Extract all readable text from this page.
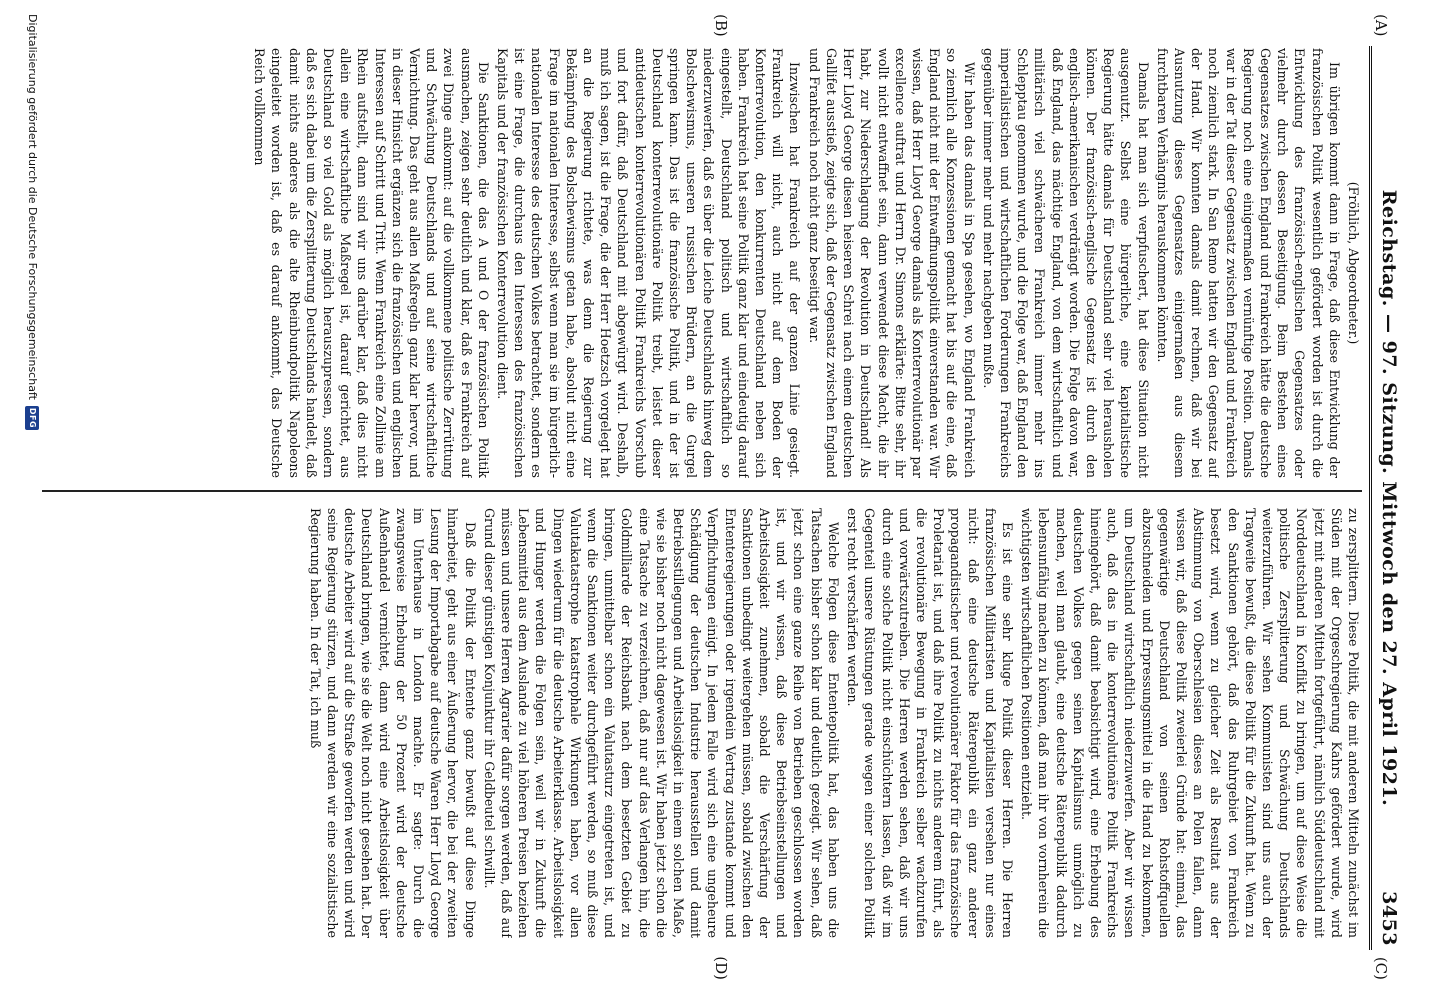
Reichstag. — 97. Sitzung. Mittwoch den 27. April 1921.
3453
(A)
(B)
(C)
(D)

(Fröhlich, Abgeordneter.)

Im übrigen kommt dann in Frage, daß diese Entwicklung der französischen Politik wesentlich gefördert worden ist durch die Entwicklung des französisch-englischen Gegensatzes oder vielmehr durch dessen Beseitigung. Beim Bestehen eines Gegensatzes zwischen England und Frankreich hätte die deutsche Regierung noch eine einigermaßen vernünftige Position. Damals war in der Tat dieser Gegensatz zwischen England und Frankreich noch ziemlich stark. In San Remo hatten wir den Gegensatz auf der Hand. Wir konnten damals damit rechnen, daß wir bei Ausnutzung dieses Gegensatzes einigermaßen aus diesem furchtbaren Verhängnis herauskommen könnten.

Damals hat man sich verpfuschert, hat diese Situation nicht ausgenutzt. Selbst eine bürgerliche, eine kapitalistische Regierung hätte damals für Deutschland sehr viel herausholen können. Der französisch-englische Gegensatz ist durch den englisch-amerikanischen verdrängt worden. Die Folge davon war, daß England, das mächtige England, von dem wirtschaftlich und militärisch viel schwächeren Frankreich immer mehr ins Schlepptau genommen wurde, und die Folge war, daß England den imperialistischen und wirtschaftlichen Forderungen Frankreichs gegenüber immer mehr und mehr nachgeben mußte.

Wir haben das damals in Spa gesehen, wo England Frankreich so ziemlich alle Konzessionen gemacht hat bis auf die eine, daß England nicht mit der Entwaffnungspolitik einverstanden war. Wir wissen, daß Herr Lloyd George damals als Konterrevolutionär par excellence auftrat und Herrn Dr. Simons erklärte: Bitte sehr, ihr wollt nicht entwaffnet sein, dann verwendet diese Macht, die ihr habt, zur Niederschlagung der Revolution in Deutschland! Als Herr Lloyd George diesen heiseren Schrei nach einem deutschen Gallifet ausstieß, zeigte sich, daß der Gegensatz zwischen England und Frankreich noch nicht ganz beseitigt war.

Inzwischen hat Frankreich auf der ganzen Linie gesiegt. Frankreich will nicht, auch nicht auf dem Boden der Konterrevolution, den konkurrenten Deutschland neben sich haben. Frankreich hat seine Politik ganz klar und eindeutig darauf eingestellt, Deutschland politisch und wirtschaftlich so niederzuwerfen, daß es über die Leiche Deutschlands hinweg dem Bolschewismus, unseren russischen Brüdern, an die Gurgel springen kann. Das ist die französische Politik, und in der ist Deutschland konterrevolutionäre Politik treibt, leistet dieser antideutschen konterrevolutionären Politik Frankreichs Vorschub und fort dafür, daß Deutschland mit abgewürgt wird. Deshalb, muß ich sagen, ist die Frage, die der Herr Hoetzsch vorgelegt hat an die Regierung richtete, was denn die Regierung zur Bekämpfung des Bolschewismus getan habe, absolut nicht eine Frage im nationalen Interesse, selbst wenn man sie im bürgerlich-nationalen Interesse des deutschen Volkes betrachtet, sondern es ist eine Frage, die durchaus den Interessen des französischen Kapitals und der französischen Konterrevolution dient.

Die Sanktionen, die das A und O der französischen Politik ausmachen, zeigen sehr deutlich und klar, daß es Frankreich auf zwei Dinge ankommt: auf die vollkommene politische Zerrüttung und Schwächung Deutschlands und auf seine wirtschaftliche Vernichtung. Das geht aus allen Maßregeln ganz klar hervor, und in dieser Hinsicht ergänzen sich die französischen und englischen Interessen auf Schritt und Tritt. Wenn Frankreich eine Zollinie am Rhein aufstellt, dann sind wir uns darüber klar, daß dies nicht allein eine wirtschaftliche Maßregel ist, darauf gerichtet, aus Deutschland so viel Gold als möglich herauszupressen, sondern daß es sich dabei um die Zersplitterung Deutschlands handelt, daß damit nichts anderes als die alte Rheinbundpolitik Napoleons eingeleitet worden ist, daß es darauf ankommt, das Deutsche Reich vollkommen

zu zersplittern. Diese Politik, die mit anderen Mitteln zunächst im Süden mit der Orgeschregierung Kahrs gefördert wurde, wird jetzt mit anderen Mitteln fortgeführt, nämlich Süddeutschland mit Norddeutschland in Konflikt zu bringen, um auf diese Weise die politische Zersplitterung und Schwächung Deutschlands weiterzuführen. Wir sehen Kommunisten sind uns auch der Tragweite bewußt, die diese Politik für die Zukunft hat. Wenn zu den Sanktionen gehört, daß das Ruhrgebiet von Frankreich besetzt wird, wenn zu gleicher Zeit als Resultat aus der Abstimmung von Oberschlesien dieses an Polen fallen, dann wissen wir, daß diese Politik zweierlei Gründe hat: einmal, das gegenwärtige Deutschland von seinen Rohstoffquellen abzuschneiden und Erpressungsmittel in die Hand zu bekommen, um Deutschland wirtschaftlich niederzuwerfen. Aber wir wissen auch, daß das in die konterrevolutionäre Politik Frankreichs hineingehört, daß damit beabsichtigt wird, eine Erhebung des deutschen Volkes gegen seinen Kapitalismus unmöglich zu machen, weil man glaubt, eine deutsche Räterepublik dadurch lebensunfähig machen zu können, daß man ihr von vornherein die wichtigsten wirtschaftlichen Positionen entzieht.

Es ist eine sehr kluge Politik dieser Herren. Die Herren französischen Militaristen und Kapitalisten versehen nur eines nicht: daß eine deutsche Räterepublik ein ganz anderer propagandistischer und revolutionärer Faktor für das französische Proletariat ist, und daß ihre Politik zu nichts anderem führt, als die revolutionäre Bewegung in Frankreich selber wachzurufen und vorwärtszutreiben. Die Herren werden sehen, daß wir uns durch eine solche Politik nicht einschüchtern lassen, daß wir im Gegenteil unsere Rüstungen gerade wegen einer solchen Politik erst recht verschärfen werden.

Welche Folgen diese Ententepolitik hat, das haben uns die Tatsachen bisher schon klar und deutlich gezeigt. Wir sehen, daß jetzt schon eine ganze Reihe von Betrieben geschlossen worden ist, und wir wissen, daß diese Betriebseinstellungen und Arbeitslosigkeit zunehmen, sobald die Verschärfung der Sanktionen unbedingt weitergehen müssen, sobald zwischen den Ententeregierungen oder irgendein Vertrag zustande kommt und Verpflichtungen einigt. In jedem Falle wird sich eine ungeheure Schädigung der deutschen Industrie herausstellen und damit Betriebsstillegungen und Arbeitslosigkeit in einem solchen Maße, wie sie bisher noch nicht dagewesen ist. Wir haben jetzt schon die eine Tatsache zu verzeichnen, daß nur auf das Verlangen hin, die Goldmilliarde der Reichsbank nach dem besetzten Gebiet zu bringen, unmittelbar schon ein Valutasturz eingetreten ist, und wenn die Sanktionen weiter durchgeführt werden, so muß diese Valutakatastrophe katastrophale Wirkungen haben, vor allen Dingen wiederum für die deutsche Arbeiterklasse. Arbeitslosigkeit und Hunger werden die Folgen sein, weil wir in Zukunft die Lebensmittel aus dem Auslande zu viel höheren Preisen beziehen müssen und unsere Herren Agrarier dafür sorgen werden, daß auf Grund dieser günstigen Konjunktur ihr Geldbeutel schwillt.

Daß die Politik der Entente ganz bewußt auf diese Dinge hinarbeitet, geht aus einer Äußerung hervor, die bei der zweiten Lesung der Importabgabe auf deutsche Waren Herr Lloyd George im Unterhause in London machte. Er sagte: Durch die zwangsweise Erhebung der 50 Prozent wird der deutsche Außenhandel vernichtet, dann wird eine Arbeitslosigkeit über Deutschland bringen, wie sie die Welt noch nicht gesehen hat. Der deutsche Arbeiter wird auf die Straße geworfen werden und wird seine Regierung stürzen, und dann werden wir eine sozialistische Regierung haben. In der Tat, ich muß

Digitalisierung gefördert durch die Deutsche Forschungsgemeinschaft
DFG
